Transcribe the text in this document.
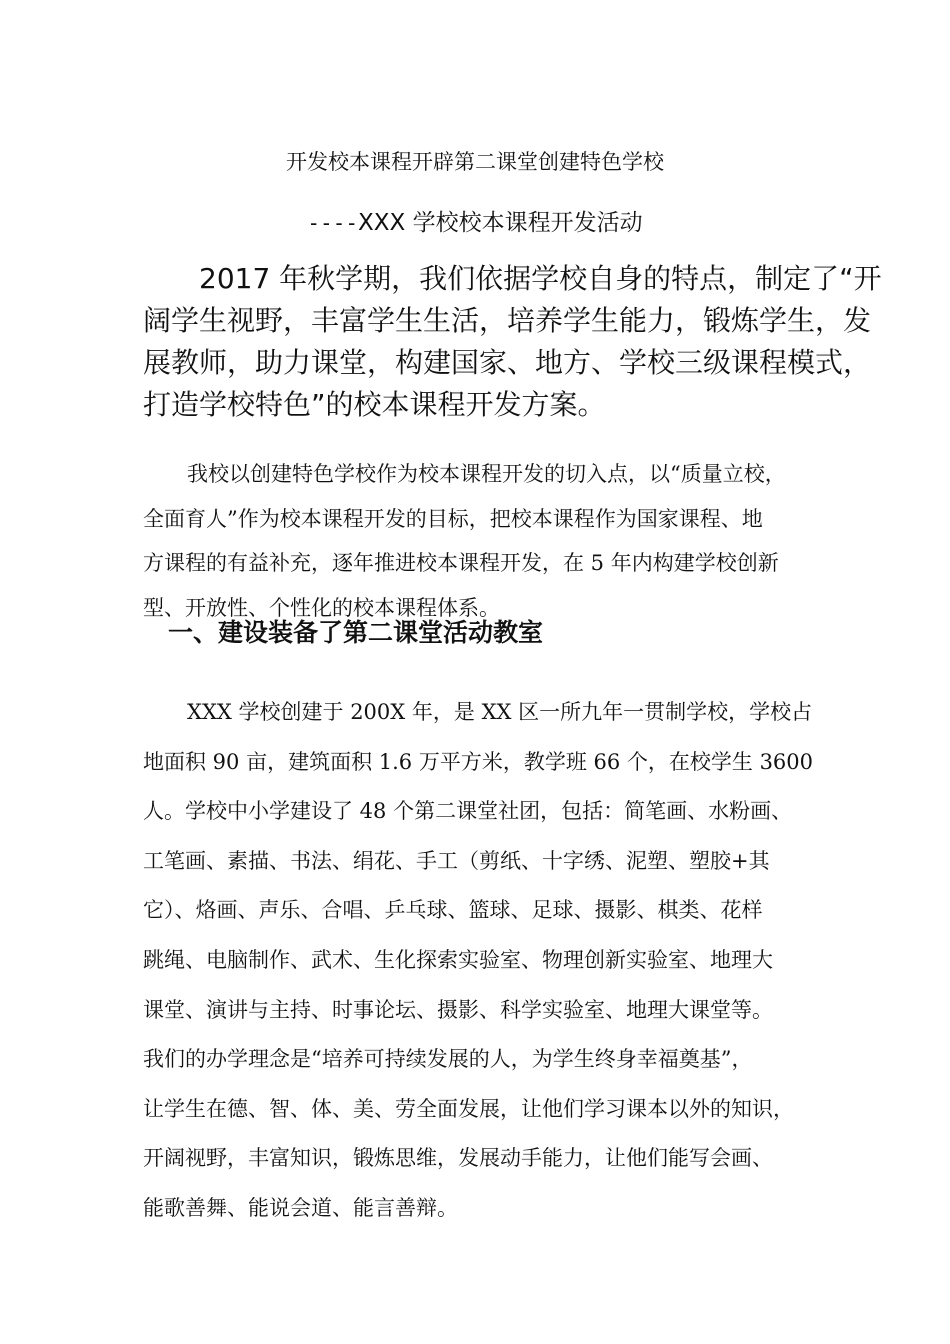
开发校本课程开辟第二课堂创建特色学校
----XXX 学校校本课程开发活动
2017 年秋学期，我们依据学校自身的特点，制定了“开
阔学生视野，丰富学生生活，培养学生能力，锻炼学生，发
展教师，助力课堂，构建国家、地方、学校三级课程模式，
打造学校特色”的校本课程开发方案。
我校以创建特色学校作为校本课程开发的切入点，以“质量立校，
全面育人”作为校本课程开发的目标，把校本课程作为国家课程、地
方课程的有益补充，逐年推进校本课程开发，在 5 年内构建学校创新
型、开放性、个性化的校本课程体系。
一、建设装备了第二课堂活动教室
XXX 学校创建于 200X 年，是 XX 区一所九年一贯制学校，学校占
地面积 90 亩，建筑面积 1.6 万平方米，教学班 66 个，在校学生 3600
人。学校中小学建设了 48 个第二课堂社团，包括：简笔画、水粉画、
工笔画、素描、书法、绢花、手工（剪纸、十字绣、泥塑、塑胶+其
它）、烙画、声乐、合唱、乒乓球、篮球、足球、摄影、棋类、花样
跳绳、电脑制作、武术、生化探索实验室、物理创新实验室、地理大
课堂、演讲与主持、时事论坛、摄影、科学实验室、地理大课堂等。
我们的办学理念是“培养可持续发展的人，为学生终身幸福奠基”，
让学生在德、智、体、美、劳全面发展，让他们学习课本以外的知识，
开阔视野，丰富知识，锻炼思维，发展动手能力，让他们能写会画、
能歌善舞、能说会道、能言善辩。
